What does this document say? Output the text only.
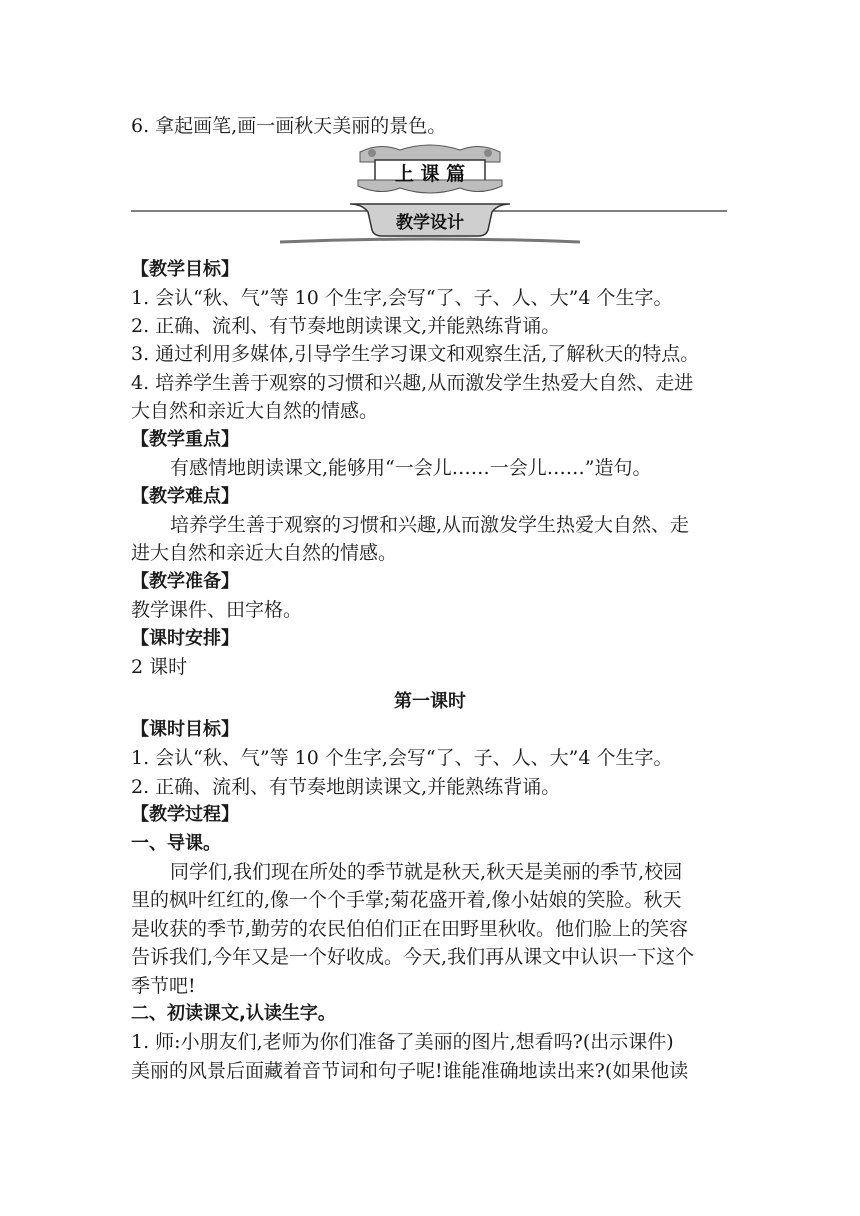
6. 拿起画笔,画一画秋天美丽的景色。
上 课 篇
教学设计
【教学目标】
1. 会认“秋、气”等 10 个生字,会写“了、子、人、大”4 个生字。
2. 正确、流利、有节奏地朗读课文,并能熟练背诵。
3. 通过利用多媒体,引导学生学习课文和观察生活,了解秋天的特点。
4. 培养学生善于观察的习惯和兴趣,从而激发学生热爱大自然、走进
大自然和亲近大自然的情感。
【教学重点】
有感情地朗读课文,能够用“一会儿……一会儿……”造句。
【教学难点】
培养学生善于观察的习惯和兴趣,从而激发学生热爱大自然、走
进大自然和亲近大自然的情感。
【教学准备】
教学课件、田字格。
【课时安排】
2 课时
第一课时
【课时目标】
1. 会认“秋、气”等 10 个生字,会写“了、子、人、大”4 个生字。
2. 正确、流利、有节奏地朗读课文,并能熟练背诵。
【教学过程】
一、导课。
同学们,我们现在所处的季节就是秋天,秋天是美丽的季节,校园
里的枫叶红红的,像一个个手掌;菊花盛开着,像小姑娘的笑脸。秋天
是收获的季节,勤劳的农民伯伯们正在田野里秋收。他们脸上的笑容
告诉我们,今年又是一个好收成。今天,我们再从课文中认识一下这个
季节吧!
二、初读课文,认读生字。
1. 师:小朋友们,老师为你们准备了美丽的图片,想看吗?(出示课件)
美丽的风景后面藏着音节词和句子呢!谁能准确地读出来?(如果他读
